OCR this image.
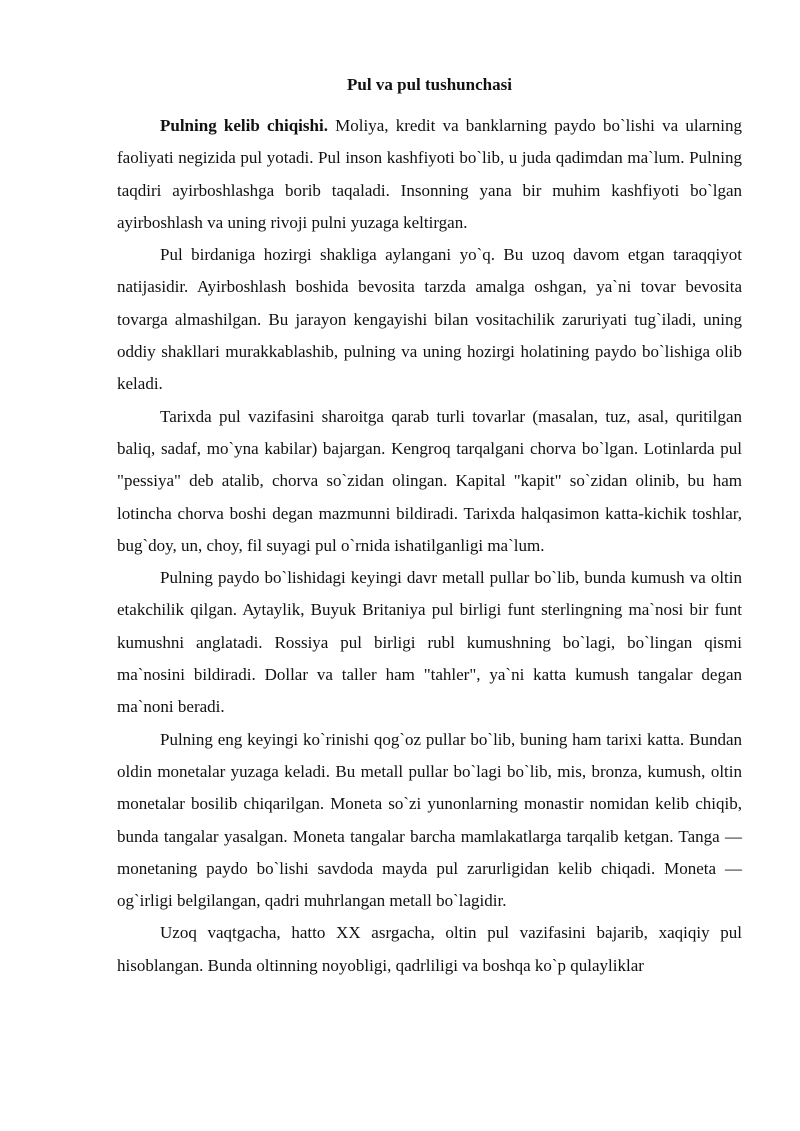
Pul va pul tushunchasi

Pulning kelib chiqishi. Moliya, kredit va banklarning paydo bo`lishi va ularning faoliyati negizida pul yotadi. Pul inson kashfiyoti bo`lib, u juda qadimdan ma`lum. Pulning taqdiri ayirboshlashga borib taqaladi. Insonning yana bir muhim kashfiyoti bo`lgan ayirboshlash va uning rivoji pulni yuzaga keltirgan.

Pul birdaniga hozirgi shakliga aylangani yo`q. Bu uzoq davom etgan taraqqiyot natijasidir. Ayirboshlash boshida bevosita tarzda amalga oshgan, ya`ni tovar bevosita tovarga almashilgan. Bu jarayon kengayishi bilan vositachilik zaruriyati tug`iladi, uning oddiy shakllari murakkablashib, pulning va uning hozirgi holatining paydo bo`lishiga olib keladi.

Tarixda pul vazifasini sharoitga qarab turli tovarlar (masalan, tuz, asal, quritilgan baliq, sadaf, mo`yna kabilar) bajargan. Kengroq tarqalgani chorva bo`lgan. Lotinlarda pul "pessiya" deb atalib, chorva so`zidan olingan. Kapital "kapit" so`zidan olinib, bu ham lotincha chorva boshi degan mazmunni bildiradi. Tarixda halqasimon katta-kichik toshlar, bug`doy, un, choy, fil suyagi pul o`rnida ishatilganligi ma`lum.

Pulning paydo bo`lishidagi keyingi davr metall pullar bo`lib, bunda kumush va oltin etakchilik qilgan. Aytaylik, Buyuk Britaniya pul birligi funt sterlingning ma`nosi bir funt kumushni anglatadi. Rossiya pul birligi rubl kumushning bo`lagi, bo`lingan qismi ma`nosini bildiradi. Dollar va taller ham "tahler", ya`ni katta kumush tangalar degan ma`noni beradi.

Pulning eng keyingi ko`rinishi qog`oz pullar bo`lib, buning ham tarixi katta. Bundan oldin monetalar yuzaga keladi. Bu metall pullar bo`lagi bo`lib, mis, bronza, kumush, oltin monetalar bosilib chiqarilgan. Moneta so`zi yunonlarning monastir nomidan kelib chiqib, bunda tangalar yasalgan. Moneta tangalar barcha mamlakatlarga tarqalib ketgan. Tanga — monetaning paydo bo`lishi savdoda mayda pul zarurligidan kelib chiqadi. Moneta — og`irligi belgilangan, qadri muhrlangan metall bo`lagidir.

Uzoq vaqtgacha, hatto XX asrgacha, oltin pul vazifasini bajarib, xaqiqiy pul hisoblangan. Bunda oltinning noyobligi, qadrliligi va boshqa ko`p qulayliklar
